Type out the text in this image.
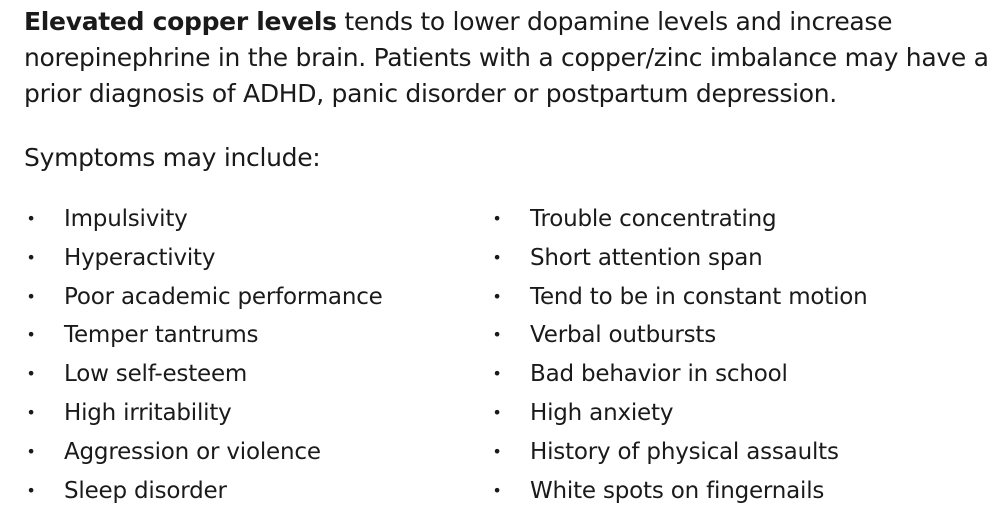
Elevated copper levels tends to lower dopamine levels and increase norepinephrine in the brain. Patients with a copper/zinc imbalance may have a prior diagnosis of ADHD, panic disorder or postpartum depression.

Symptoms may include:

• Impulsivity
• Hyperactivity
• Poor academic performance
• Temper tantrums
• Low self-esteem
• High irritability
• Aggression or violence
• Sleep disorder
• Trouble concentrating
• Short attention span
• Tend to be in constant motion
• Verbal outbursts
• Bad behavior in school
• High anxiety
• History of physical assaults
• White spots on fingernails
